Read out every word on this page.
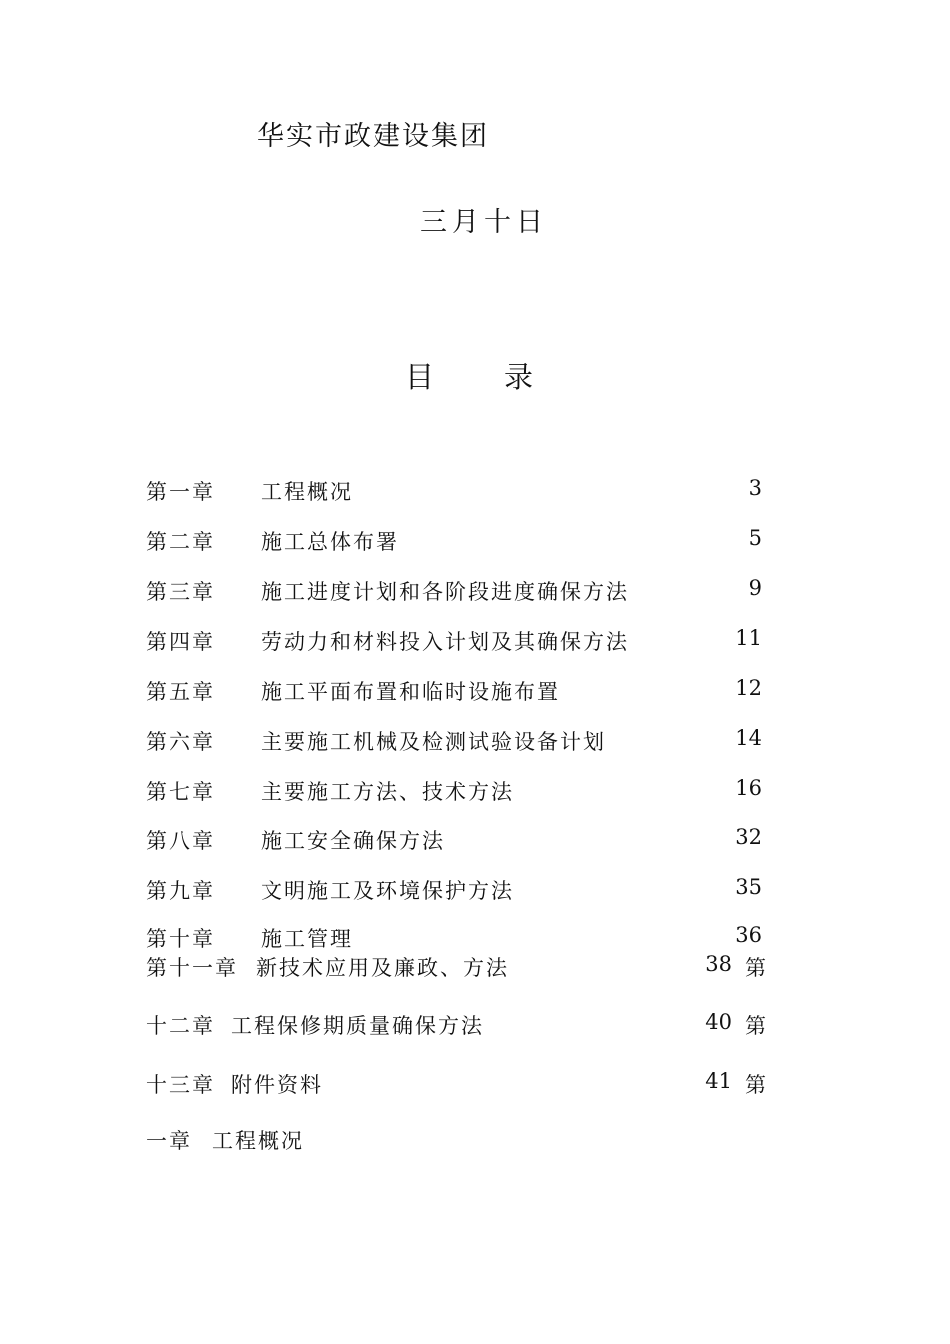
华实市政建设集团
三月十日
目 录
第一章 工程概况	3
第二章 施工总体布署	5
第三章 施工进度计划和各阶段进度确保方法	9
第四章 劳动力和材料投入计划及其确保方法	11
第五章 施工平面布置和临时设施布置	12
第六章 主要施工机械及检测试验设备计划	14
第七章 主要施工方法、技术方法	16
第八章 施工安全确保方法	32
第九章 文明施工及环境保护方法	35
第十章 施工管理	36
第十一章 新技术应用及廉政、方法	38 第
十二章 工程保修期质量确保方法	40 第
十三章 附件资料	41 第
一章 工程概况
